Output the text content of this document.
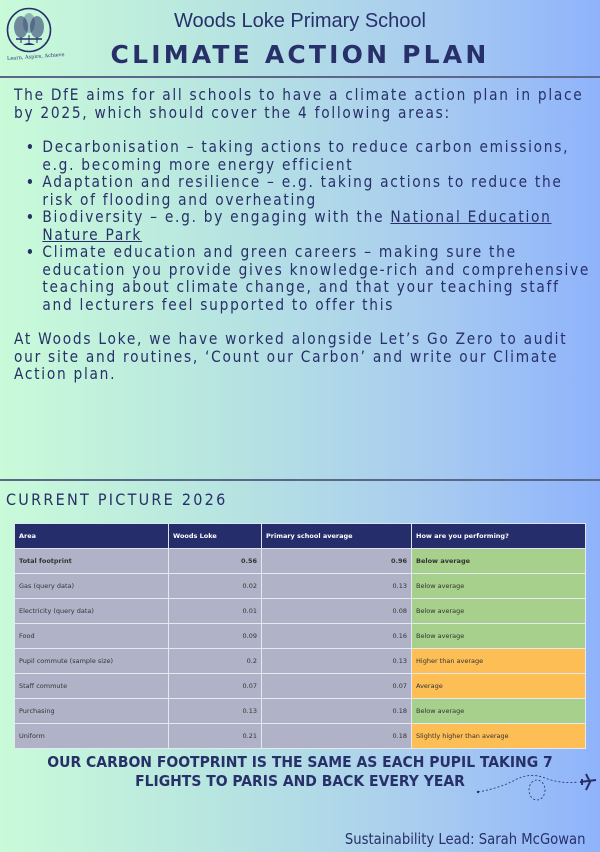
Learn, Aspire, Achieve
Woods Loke Primary School
CLIMATE ACTION PLAN

The DfE aims for all schools to have a climate action plan in place by 2025, which should cover the 4 following areas:

• Decarbonisation – taking actions to reduce carbon emissions, e.g. becoming more energy efficient
• Adaptation and resilience – e.g. taking actions to reduce the risk of flooding and overheating
• Biodiversity – e.g. by engaging with the National Education Nature Park
• Climate education and green careers – making sure the education you provide gives knowledge-rich and comprehensive teaching about climate change, and that your teaching staff and lecturers feel supported to offer this

At Woods Loke, we have worked alongside Let’s Go Zero to audit our site and routines, ‘Count our Carbon’ and write our Climate Action plan.

CURRENT PICTURE 2026
Area	Woods Loke	Primary school average	How are you performing?
Total footprint	0.56	0.96	Below average
Gas (query data)	0.02	0.13	Below average
Electricity (query data)	0.01	0.08	Below average
Food	0.09	0.16	Below average
Pupil commute (sample size)	0.2	0.13	Higher than average
Staff commute	0.07	0.07	Average
Purchasing	0.13	0.18	Below average
Uniform	0.21	0.18	Slightly higher than average
OUR CARBON FOOTPRINT IS THE SAME AS EACH PUPIL TAKING 7
FLIGHTS TO PARIS AND BACK EVERY YEAR
Sustainability Lead: Sarah McGowan
